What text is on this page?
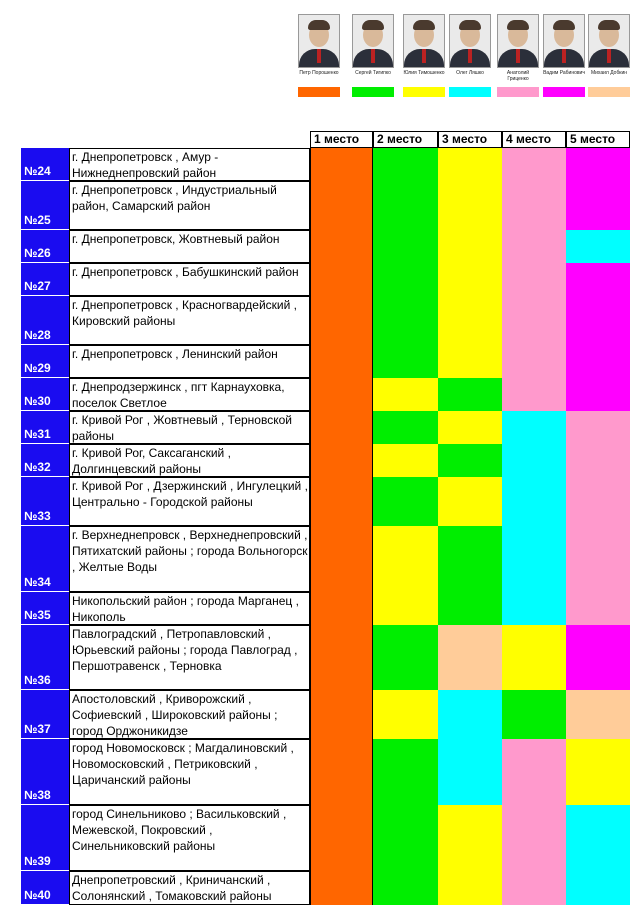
Петр Порошенко	Сергей Тигипко	Юлия Тимошенко	Олег Ляшко	Анатолий Гриценко
Вадим Рабинович	Михаил Добкин
1 место	2 место	3 место	4 место	5 место
№24
г. Днепропетровск , Амур - Нижнеднепровский район
№25
г. Днепропетровск , Индустриальный район, Самарский район
№26
г. Днепропетровск, Жовтневый район
№27
г. Днепропетровск , Бабушкинский район
№28
г. Днепропетровск , Красногвардейский , Кировский районы
№29
г. Днепропетровск , Ленинский район
№30
г. Днепродзержинск , пгт Карнауховка, поселок Светлое
№31
г. Кривой Рог , Жовтневый , Терновской районы
№32
г. Кривой Рог, Саксаганский , Долгинцевский районы
№33
г. Кривой Рог , Дзержинский , Ингулецкий , Центрально - Городской районы
№34
г. Верхнеднепровск , Верхнеднепровский , Пятихатский районы ; города Вольногорск , Желтые Воды
№35
Никопольский район ; города Марганец , Никополь
№36
Павлоградский , Петропавловский , Юрьевский районы ; города Павлоград , Першотравенск , Терновка
№37
Апостоловский , Криворожский , Софиевский , Широковский районы ; город Орджоникидзе
№38
город Новомосковск ; Магдалиновский , Новомосковский , Петриковский , Царичанский районы
№39
город Синельниково ; Васильковский , Межевской, Покровский , Синельниковский районы
№40
Днепропетровский , Криничанский , Солонянский , Томаковский районы
